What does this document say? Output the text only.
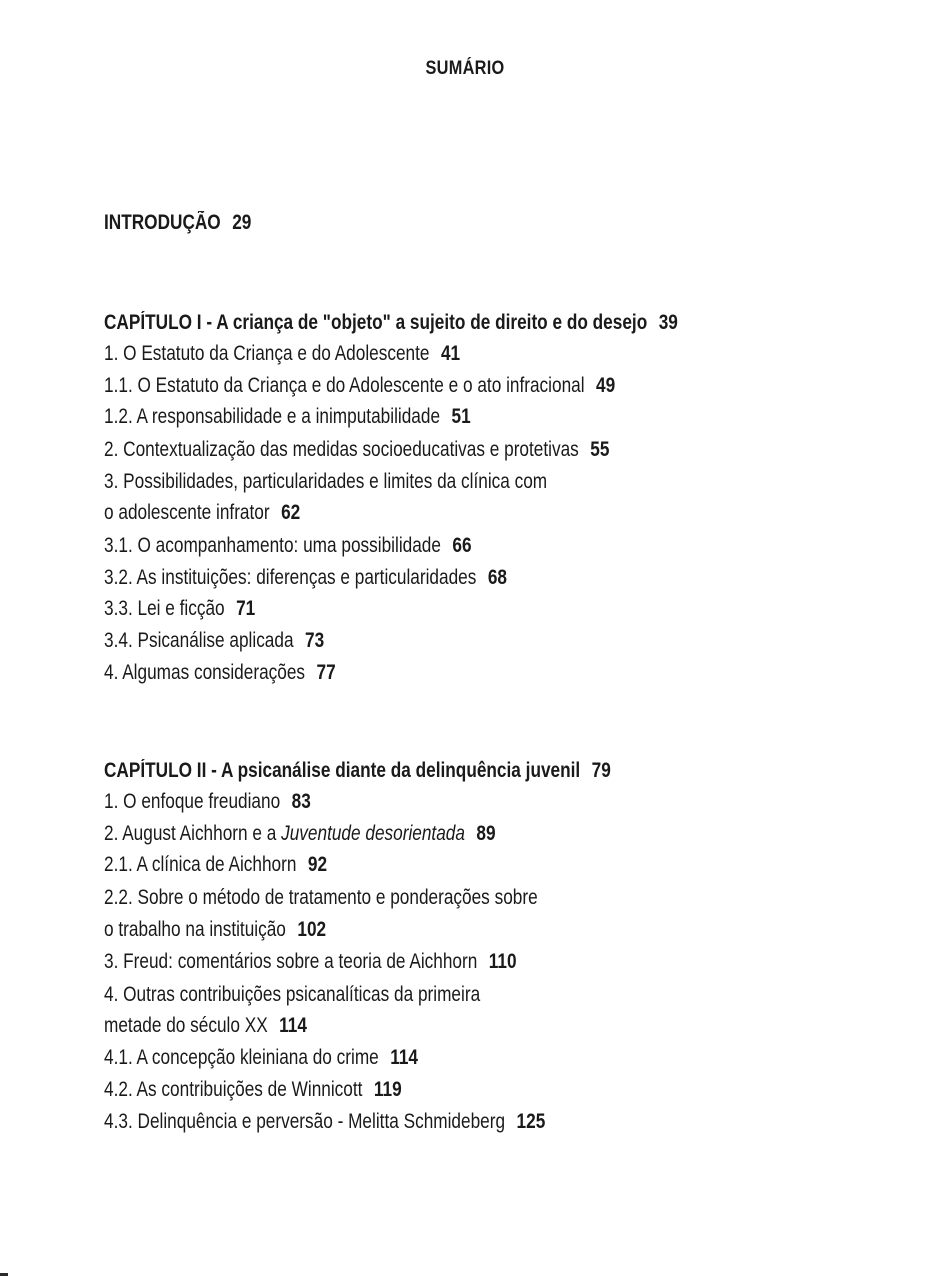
SUMÁRIO
INTRODUÇÃO 29
CAPÍTULO I - A criança de "objeto" a sujeito de direito e do desejo 39
1. O Estatuto da Criança e do Adolescente 41
1.1. O Estatuto da Criança e do Adolescente e o ato infracional 49
1.2. A responsabilidade e a inimputabilidade 51
2. Contextualização das medidas socioeducativas e protetivas 55
3. Possibilidades, particularidades e limites da clínica com
o adolescente infrator 62
3.1. O acompanhamento: uma possibilidade 66
3.2. As instituições: diferenças e particularidades 68
3.3. Lei e ficção 71
3.4. Psicanálise aplicada 73
4. Algumas considerações 77
CAPÍTULO II - A psicanálise diante da delinquência juvenil 79
1. O enfoque freudiano 83
2. August Aichhorn e a Juventude desorientada 89
2.1. A clínica de Aichhorn 92
2.2. Sobre o método de tratamento e ponderações sobre
o trabalho na instituição 102
3. Freud: comentários sobre a teoria de Aichhorn 110
4. Outras contribuições psicanalíticas da primeira
metade do século XX 114
4.1. A concepção kleiniana do crime 114
4.2. As contribuições de Winnicott 119
4.3. Delinquência e perversão - Melitta Schmideberg 125
